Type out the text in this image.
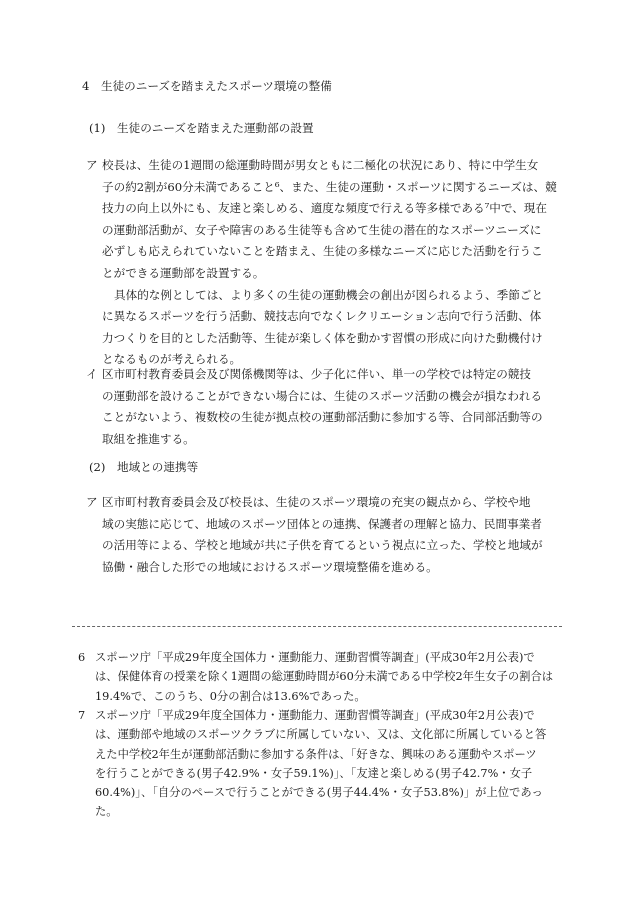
4　生徒のニーズを踏まえたスポーツ環境の整備
(1)　生徒のニーズを踏まえた運動部の設置
ア 校長は、生徒の1週間の総運動時間が男女ともに二極化の状況にあり、特に中学生女
子の約2割が60分未満であること⁶、また、生徒の運動・スポーツに関するニーズは、競
技力の向上以外にも、友達と楽しめる、適度な頻度で行える等多様である⁷中で、現在
の運動部活動が、女子や障害のある生徒等も含めて生徒の潜在的なスポーツニーズに
必ずしも応えられていないことを踏まえ、生徒の多様なニーズに応じた活動を行うこ
とができる運動部を設置する。
具体的な例としては、より多くの生徒の運動機会の創出が図られるよう、季節ごと
に異なるスポーツを行う活動、競技志向でなくレクリエーション志向で行う活動、体
力つくりを目的とした活動等、生徒が楽しく体を動かす習慣の形成に向けた動機付け
となるものが考えられる。
イ 区市町村教育委員会及び関係機関等は、少子化に伴い、単一の学校では特定の競技
の運動部を設けることができない場合には、生徒のスポーツ活動の機会が損なわれる
ことがないよう、複数校の生徒が拠点校の運動部活動に参加する等、合同部活動等の
取組を推進する。
(2)　地域との連携等
ア 区市町村教育委員会及び校長は、生徒のスポーツ環境の充実の観点から、学校や地
域の実態に応じて、地域のスポーツ団体との連携、保護者の理解と協力、民間事業者
の活用等による、学校と地域が共に子供を育てるという視点に立った、学校と地域が
協働・融合した形での地域におけるスポーツ環境整備を進める。
6 スポーツ庁「平成29年度全国体力・運動能力、運動習慣等調査」(平成30年2月公表)で
は、保健体育の授業を除く1週間の総運動時間が60分未満である中学校2年生女子の割合は
19.4%で、このうち、0分の割合は13.6%であった。
7 スポーツ庁「平成29年度全国体力・運動能力、運動習慣等調査」(平成30年2月公表)で
は、運動部や地域のスポーツクラブに所属していない、又は、文化部に所属していると答
えた中学校2年生が運動部活動に参加する条件は、「好きな、興味のある運動やスポーツ
を行うことができる(男子42.9%・女子59.1%)」、「友達と楽しめる(男子42.7%・女子
60.4%)」、「自分のペースで行うことができる(男子44.4%・女子53.8%)」が上位であっ
た。
